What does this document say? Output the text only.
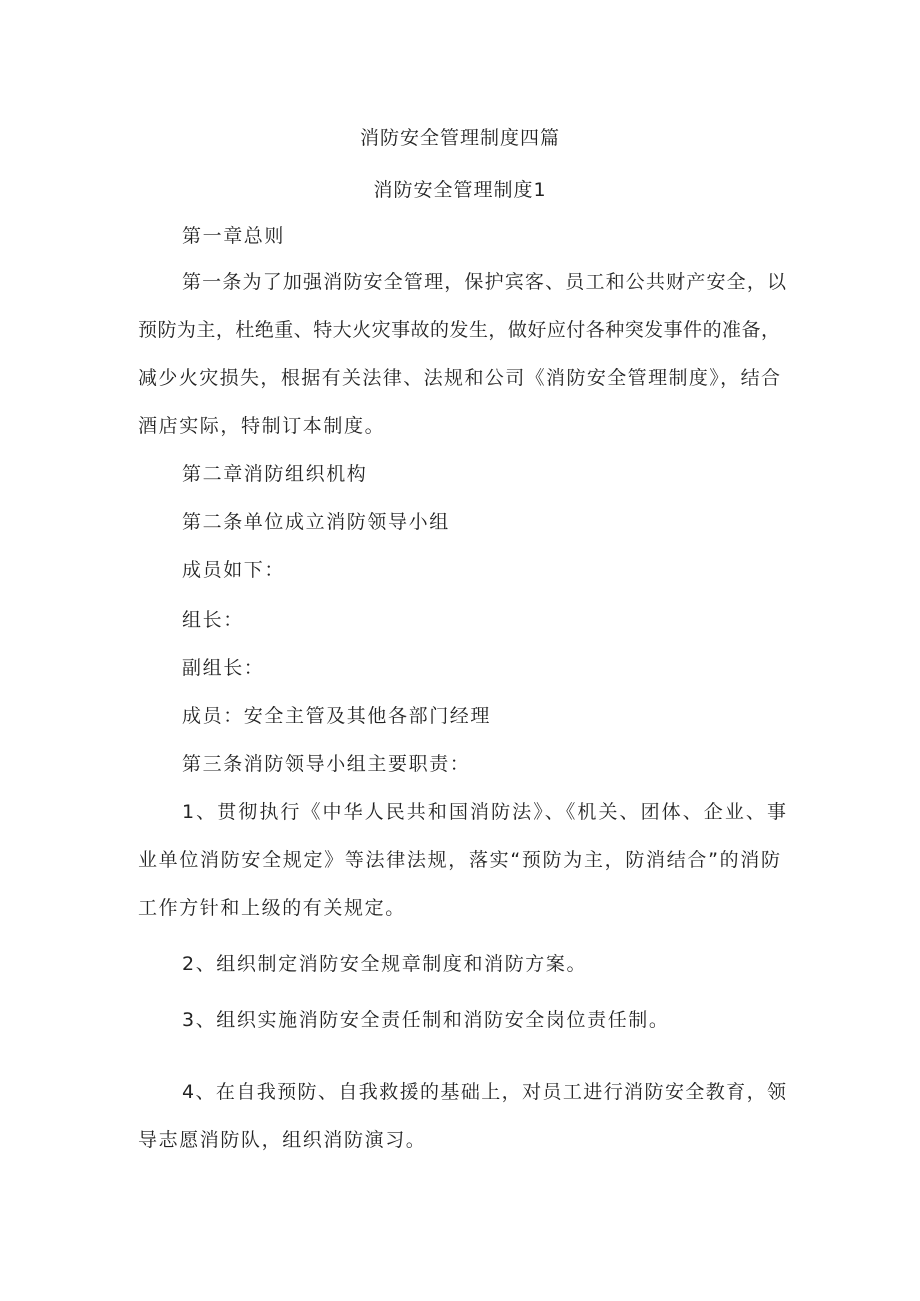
消防安全管理制度四篇
消防安全管理制度1
第一章总则
第一条为了加强消防安全管理，保护宾客、员工和公共财产安全，以
预防为主，杜绝重、特大火灾事故的发生，做好应付各种突发事件的准备，
减少火灾损失，根据有关法律、法规和公司《消防安全管理制度》，结合
酒店实际，特制订本制度。
第二章消防组织机构
第二条单位成立消防领导小组
成员如下：
组长：
副组长：
成员：安全主管及其他各部门经理
第三条消防领导小组主要职责：
1、贯彻执行《中华人民共和国消防法》、《机关、团体、企业、事
业单位消防安全规定》等法律法规，落实“预防为主，防消结合”的消防
工作方针和上级的有关规定。
2、组织制定消防安全规章制度和消防方案。
3、组织实施消防安全责任制和消防安全岗位责任制。
4、在自我预防、自我救援的基础上，对员工进行消防安全教育，领
导志愿消防队，组织消防演习。
